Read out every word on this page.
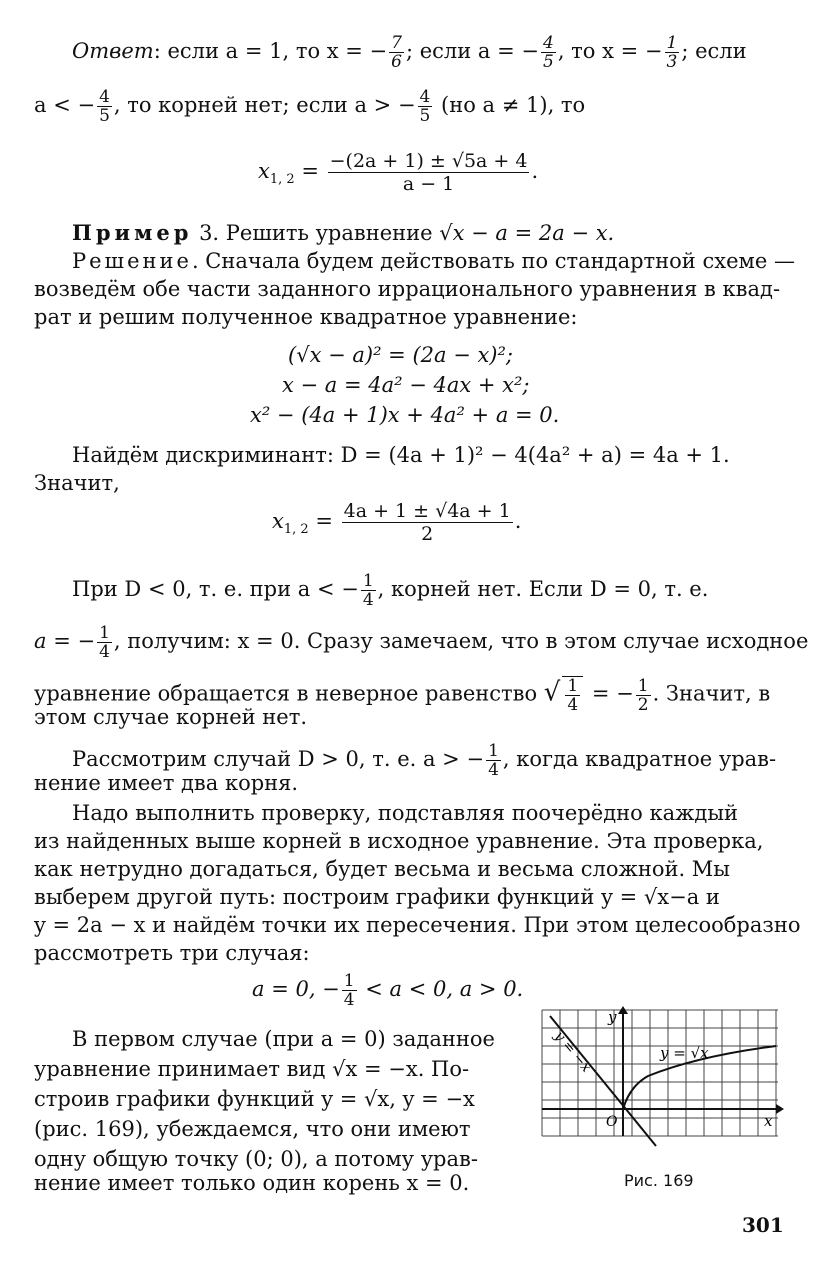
Ответ: если a = 1, то x = − $\frac{7}{6}$ ; если a = − $\frac{4}{5}$ , то x = − $\frac{1}{3}$ ; если
a < − $\frac{4}{5}$ , то корней нет; если a > − $\frac{4}{5} (но$ a ≠ 1), то
$x_{1, 2} = \frac{-(2a + 1) \pm √5a + 4}{a - 1}$ .
Пример 3. Решить уравнение √x − a = 2a − x.
Решение. Сначала будем действовать по стандартной схеме —
возведём обе части заданного иррационального уравнения в квад-
рат и решим полученное квадратное уравнение:
(√x − a)² = (2a − x)²;
x − a = 4a² − 4ax + x²;
x² − (4a + 1)x + 4a² + a = 0.
Найдём дискриминант: D = (4a + 1)² − 4(4a² + a) = 4a + 1.
Значит,
$x_{1, 2} = \frac{4a + 1 \pm √4a + 1}{2}$ .
При D < 0, т. е. при a < − $\frac{1}{4}$ , корней нет. Если D = 0, т. е.
a = − $\frac{1}{4}$ , получим: x = 0. Сразу замечаем, что в этом случае исходное
уравнение обращается в неверное равенство √ $\frac{1}{4}$ = − $\frac{1}{2}$ . Значит, в
этом случае корней нет.
Рассмотрим случай D > 0, т. е. a > − $\frac{1}{4}$ , когда квадратное урав-
нение имеет два корня.
Надо выполнить проверку, подставляя поочерёдно каждый
из найденных выше корней в исходное уравнение. Эта проверка,
как нетрудно догадаться, будет весьма и весьма сложной. Мы
выберем другой путь: построим графики функций y = √x−a и
y = 2a − x и найдём точки их пересечения. При этом целесообразно
рассмотреть три случая:
a = 0, − $\frac{1}{4} < a < 0$, a > 0.
В первом случае (при a = 0) заданное
уравнение принимает вид √x = −x. По-
строив графики функций y = √x, y = −x
(рис. 169), убеждаемся, что они имеют
одну общую точку (0; 0), а потому урав-
нение имеет только один корень x = 0.
y
x
O
y = √x
y = −x
Рис. 169
301
